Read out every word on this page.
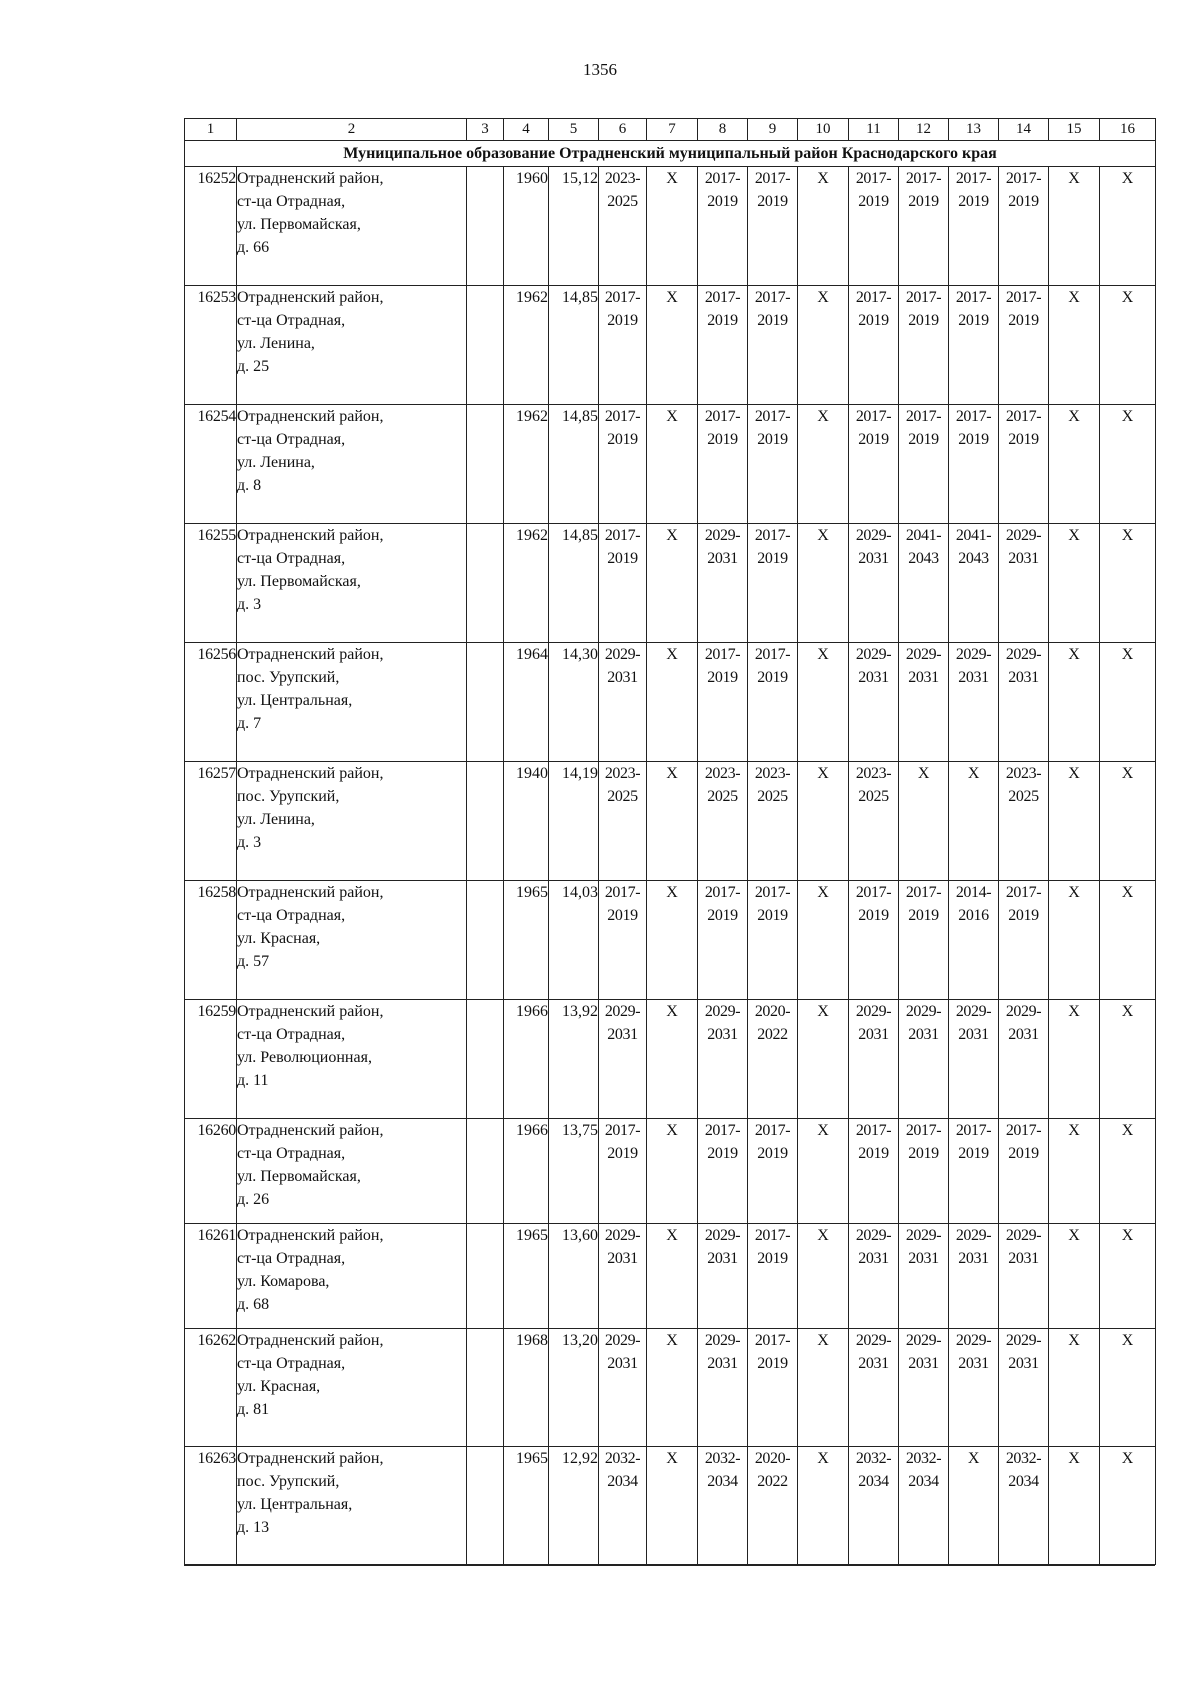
1356
1	2	3	4	5	6	7	8	9	10	11	12	13	14	15	16
Муниципальное образование Отрадненский муниципальный район Краснодарского края															
16252	Отрадненский район,
ст-ца Отрадная,
ул. Первомайская,
д. 66		1960	15,12	2023-
2025	X	2017-
2019	2017-
2019	X	2017-
2019	2017-
2019	2017-
2019	2017-
2019	X	X
16253	Отрадненский район,
ст-ца Отрадная,
ул. Ленина,
д. 25		1962	14,85	2017-
2019	X	2017-
2019	2017-
2019	X	2017-
2019	2017-
2019	2017-
2019	2017-
2019	X	X
16254	Отрадненский район,
ст-ца Отрадная,
ул. Ленина,
д. 8		1962	14,85	2017-
2019	X	2017-
2019	2017-
2019	X	2017-
2019	2017-
2019	2017-
2019	2017-
2019	X	X
16255	Отрадненский район,
ст-ца Отрадная,
ул. Первомайская,
д. 3		1962	14,85	2017-
2019	X	2029-
2031	2017-
2019	X	2029-
2031	2041-
2043	2041-
2043	2029-
2031	X	X
16256	Отрадненский район,
пос. Урупский,
ул. Центральная,
д. 7		1964	14,30	2029-
2031	X	2017-
2019	2017-
2019	X	2029-
2031	2029-
2031	2029-
2031	2029-
2031	X	X
16257	Отрадненский район,
пос. Урупский,
ул. Ленина,
д. 3		1940	14,19	2023-
2025	X	2023-
2025	2023-
2025	X	2023-
2025	X	X	2023-
2025	X	X
16258	Отрадненский район,
ст-ца Отрадная,
ул. Красная,
д. 57		1965	14,03	2017-
2019	X	2017-
2019	2017-
2019	X	2017-
2019	2017-
2019	2014-
2016	2017-
2019	X	X
16259	Отрадненский район,
ст-ца Отрадная,
ул. Революционная,
д. 11		1966	13,92	2029-
2031	X	2029-
2031	2020-
2022	X	2029-
2031	2029-
2031	2029-
2031	2029-
2031	X	X
16260	Отрадненский район,
ст-ца Отрадная,
ул. Первомайская,
д. 26		1966	13,75	2017-
2019	X	2017-
2019	2017-
2019	X	2017-
2019	2017-
2019	2017-
2019	2017-
2019	X	X
16261	Отрадненский район,
ст-ца Отрадная,
ул. Комарова,
д. 68		1965	13,60	2029-
2031	X	2029-
2031	2017-
2019	X	2029-
2031	2029-
2031	2029-
2031	2029-
2031	X	X
16262	Отрадненский район,
ст-ца Отрадная,
ул. Красная,
д. 81		1968	13,20	2029-
2031	X	2029-
2031	2017-
2019	X	2029-
2031	2029-
2031	2029-
2031	2029-
2031	X	X
16263	Отрадненский район,
пос. Урупский,
ул. Центральная,
д. 13		1965	12,92	2032-
2034	X	2032-
2034	2020-
2022	X	2032-
2034	2032-
2034	X	2032-
2034	X	X
